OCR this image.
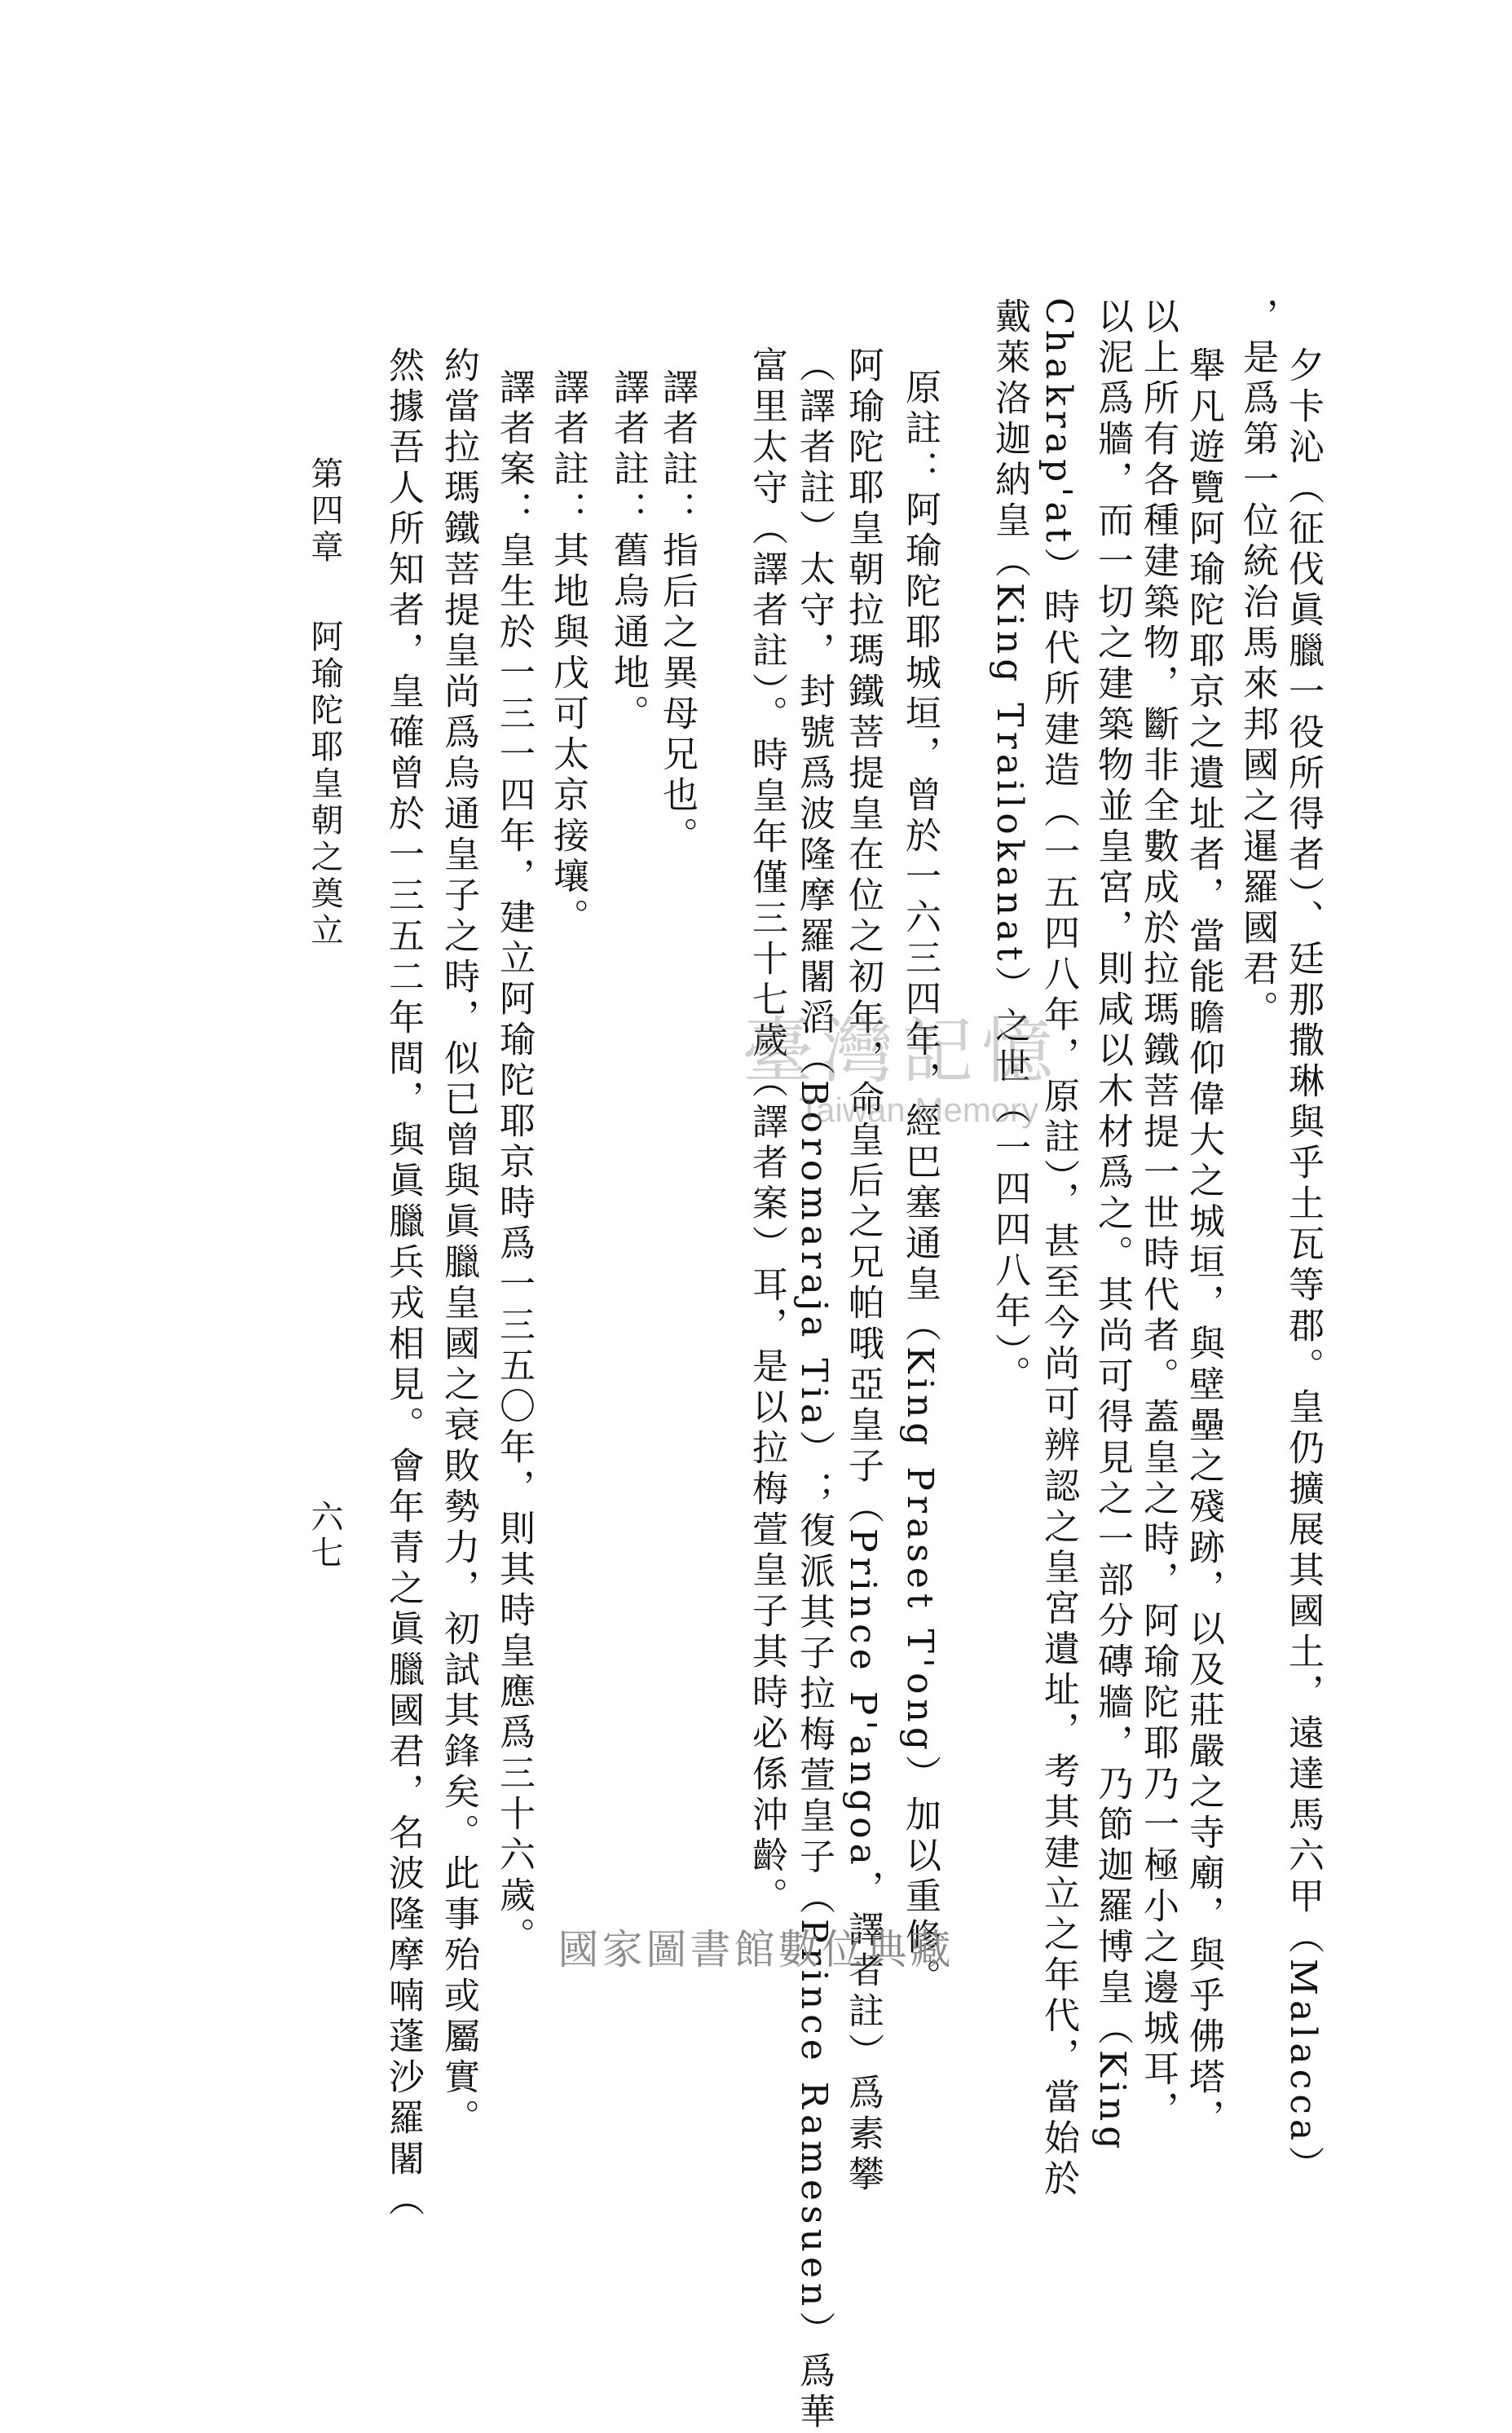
夕卡沁（征伐眞臘一役所得者）、廷那撒琳與乎土瓦等郡。皇仍擴展其國土，遠達馬六甲（Malacca）

，是爲第一位統治馬來邦國之暹羅國君。

舉凡遊覽阿瑜陀耶京之遺址者，當能瞻仰偉大之城垣，與壁壘之殘跡，以及莊嚴之寺廟，與乎佛塔，

以上所有各種建築物，斷非全數成於拉瑪鐵菩提一世時代者。蓋皇之時，阿瑜陀耶乃一極小之邊城耳，

以泥爲牆，而一切之建築物並皇宮，則咸以木材爲之。其尚可得見之一部分磚牆，乃節迦羅博皇（King

Chakrap'at）時代所建造（一五四八年，原註），甚至今尚可辨認之皇宮遺址，考其建立之年代，當始於

戴萊洛迦納皇（King Trailokanat）之世（一四四八年）。

原註：阿瑜陀耶城垣，曾於一六三四年，經巴塞通皇（King Praset T'ong）加以重修。

阿瑜陀耶皇朝拉瑪鐵菩提皇在位之初年，命皇后之兄帕哦亞皇子（Prince P'angoa，譯者註）爲素攀

（譯者註）太守，封號爲波隆摩羅闍滔（Boromaraja Tia）；復派其子拉梅萱皇子（Prince Ramesuen）爲華

富里太守（譯者註）。時皇年僅三十七歲（譯者案）耳，是以拉梅萱皇子其時必係沖齡。

譯者註：指后之異母兄也。

譯者註：舊烏通地。

譯者註：其地與戊可太京接壤。

譯者案：皇生於一三一四年，建立阿瑜陀耶京時爲一三五〇年，則其時皇應爲三十六歲。

約當拉瑪鐵菩提皇尚爲烏通皇子之時，似已曾與眞臘皇國之衰敗勢力，初試其鋒矣。此事殆或屬實。

然據吾人所知者，皇確曾於一三五二年間，與眞臘兵戎相見。會年青之眞臘國君，名波隆摩喃蓬沙羅闍（

第四章

阿瑜陀耶皇朝之奠立

六七

臺灣記憶
Taiwan Memory
國家圖書館數位典藏
